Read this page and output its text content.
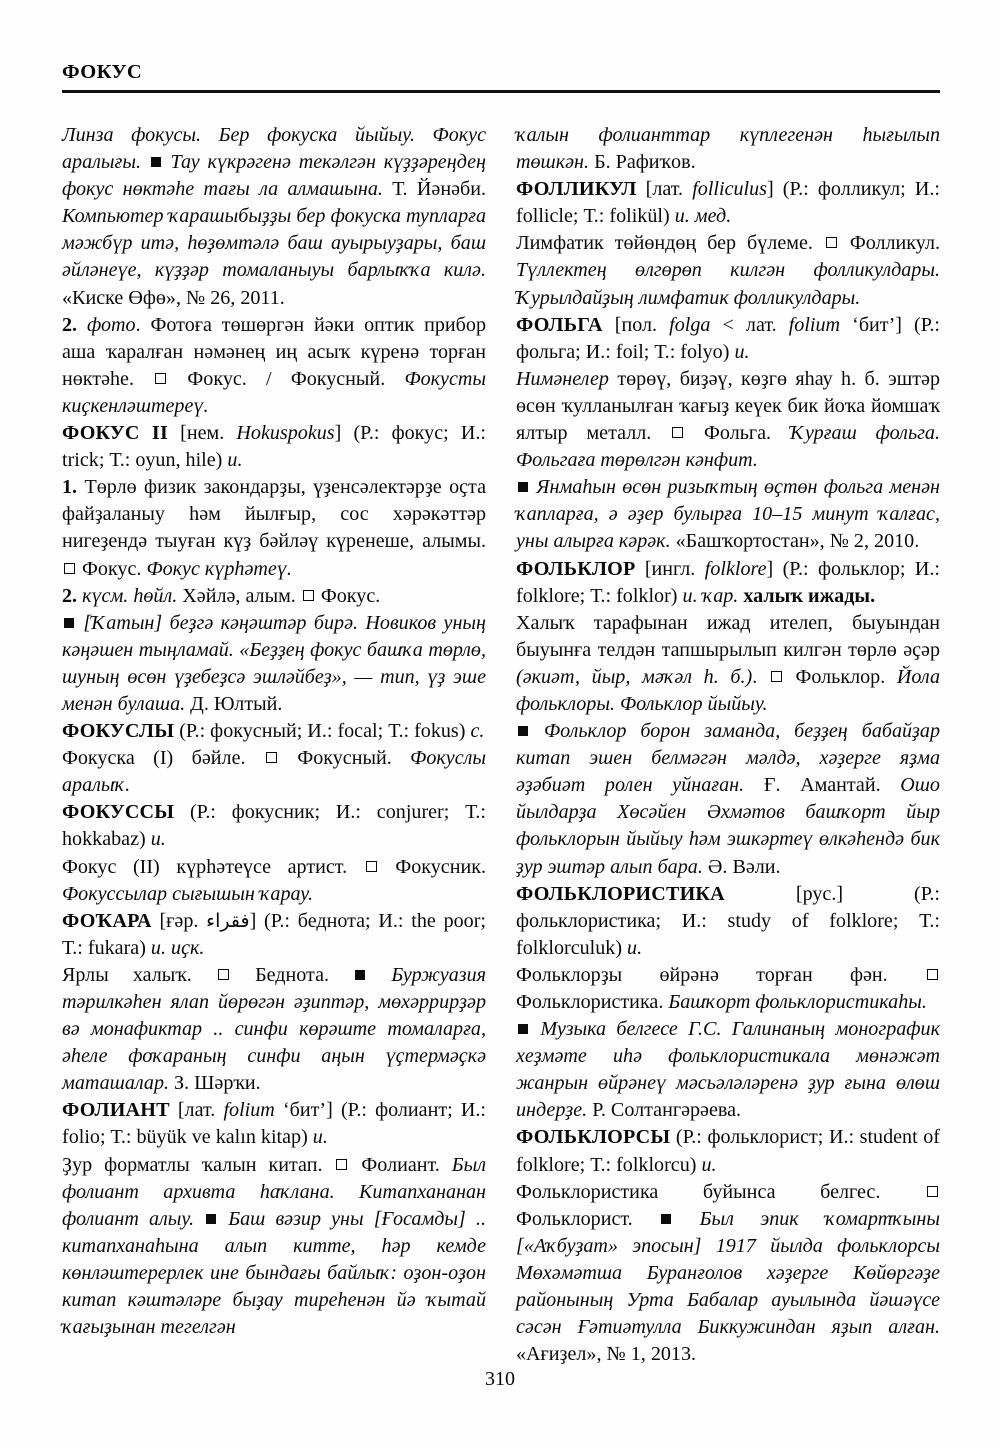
ФОКУС

Линза фокусы. Бер фокуска йыйыу. Фокус аралығы.  Тау күкрәгенә текәлгән күҙҙәреңдең фокус нөктәһе тағы ла алмашына. Т. Йәнәби. Компьютер ҡарашыбыҙҙы бер фокуска тупларға мәжбүр итә, һөҙөмтәлә баш ауырыуҙары, баш әйләнеүе, күҙҙәр томаланыуы барлыҡҡа килә. «Киске Өфө», № 26, 2011.

2. фото. Фотоға төшөргән йәки оптик прибор аша ҡаралған нәмәнең иң асыҡ күренә торған нөктәһе.  Фокус. / Фокусный. Фокусты киҫкенләштереү.

ФОКУС II [нем. Hokuspokus] (Р.: фокус; И.: trick; Т.: oyun, hile) и.

1. Төрлө физик закондарҙы, үҙенсәлектәрҙе оҫта файҙаланыу һәм йылғыр, сос хәрәкәттәр нигеҙендә тыуған күҙ бәйләү күренеше, алымы.  Фокус. Фокус күрһәтеү.

2. күсм. һөйл. Хәйлә, алым.  Фокус.

[Ҡатын] беҙгә кәңәштәр бирә. Новиков уның кәңәшен тыңламай. «Беҙҙең фокус башҡа төрлө, шуның өсөн үҙебеҙсә эшләйбеҙ», — тип, үҙ эше менән булаша. Д. Юлтый.

ФОКУСЛЫ (Р.: фокусный; И.: focal; Т.: fokus) с.

Фокуска (I) бәйле.  Фокусный. Фокуслы аралыҡ.

ФОКУССЫ (Р.: фокусник; И.: conjurer; Т.: hokkabaz) и.

Фокус (II) күрһәтеүсе артист.  Фокусник. Фокуссылар сығышын ҡарау.

ФОҠАРА [ғәр. فقراء] (Р.: беднота; И.: the poor; Т.: fukara) и. иҫк.

Ярлы халыҡ.  Беднота.  Буржуазия тәрилкәһен ялап йөрөгән әҙиптәр, мөхәррирҙәр вә монафиктар .. синфи көрәште томаларға, әһеле фоҡараның синфи аңын үҫтермәҫкә маташалар. З. Шәрҡи.

ФОЛИАНТ [лат. folium ‘бит’] (Р.: фолиант; И.: folio; Т.: büyük ve kalın kitap) и.

Ҙур форматлы ҡалын китап.  Фолиант. Был фолиант архивта һаҡлана. Китапхананан фолиант алыу.  Баш вәзир уны [Ғосамды] .. китапханаһына алып китте, һәр кемде көнләштерерлек ине бындағы байлыҡ: оҙон-оҙон китап кәштәләре быҙау тиреһенән йә ҡытай ҡағыҙынан тегелгән

ҡалын фолианттар күплегенән һығылып төшкән. Б. Рафиҡов.

ФОЛЛИКУЛ [лат. folliculus] (Р.: фолликул; И.: follicle; Т.: folikül) и. мед.

Лимфатик төйөндөң бер бүлеме.  Фолликул. Түллектең өлгөрөп килгән фолликулдары. Ҡурылдайҙың лимфатик фолликулдары.

ФОЛЬГА [пол. folga < лат. folium ‘бит’] (Р.: фольга; И.: foil; Т.: folyo) и.

Нимәнелер төрөү, биҙәү, көҙгө яһау һ. б. эштәр өсөн ҡулланылған ҡағыҙ кеүек бик йоҡа йомшаҡ ялтыр металл.  Фольга. Ҡурғаш фольга. Фольгаға төрөлгән кәнфит.

Янмаһын өсөн ризыҡтың өҫтөн фольга менән ҡапларға, ә әҙер булырға 10–15 минут ҡалғас, уны алырға кәрәк. «Башҡортостан», № 2, 2010.

ФОЛЬКЛОР [ингл. folklore] (Р.: фольклор; И.: folklore; Т.: folklor) и. ҡар. халыҡ ижады.

Халыҡ тарафынан ижад ителеп, быуындан быуынға телдән тапшырылып килгән төрлө әҫәр (әкиәт, йыр, мәҡәл һ. б.).  Фольклор. Йола фольклоры. Фольклор йыйыу.

Фольклор борон заманда, беҙҙең бабайҙар китап эшен белмәгән мәлдә, хәҙерге яҙма әҙәбиәт ролен уйнаған. Ғ. Амантай. Ошо йылдарҙа Хөсәйен Әхмәтов башҡорт йыр фольклорын йыйыу һәм эшкәртеү өлкәһендә бик ҙур эштәр алып бара. Ә. Вәли.

ФОЛЬКЛОРИСТИКА [рус.] (Р.: фольклористика; И.: study of folklore; Т.: folklorculuk) и.

Фольклорҙы өйрәнә торған фән.  Фольклористика. Башҡорт фольклористикаһы.

Музыка белгесе Г.С. Галинаның монографик хеҙмәте иһә фольклористикала мөнәжәт жанрын өйрәнеү мәсьәләләренә ҙур ғына өлөш индерҙе. Р. Солтангәрәева.

ФОЛЬКЛОРСЫ (Р.: фольклорист; И.: student of folklore; Т.: folklorcu) и.

Фольклористика буйынса белгес.  Фольклорист.  Был эпик ҡомартҡыны [«Аҡбуҙат» эпосын] 1917 йылда фольклорсы Мөхәмәтша Буранғолов хәҙерге Көйөргәҙе районының Урта Бабалар ауылында йәшәүсе сәсән Ғәтиәтулла Биккужиндан яҙып алған. «Ағиҙел», № 1, 2013.

310
